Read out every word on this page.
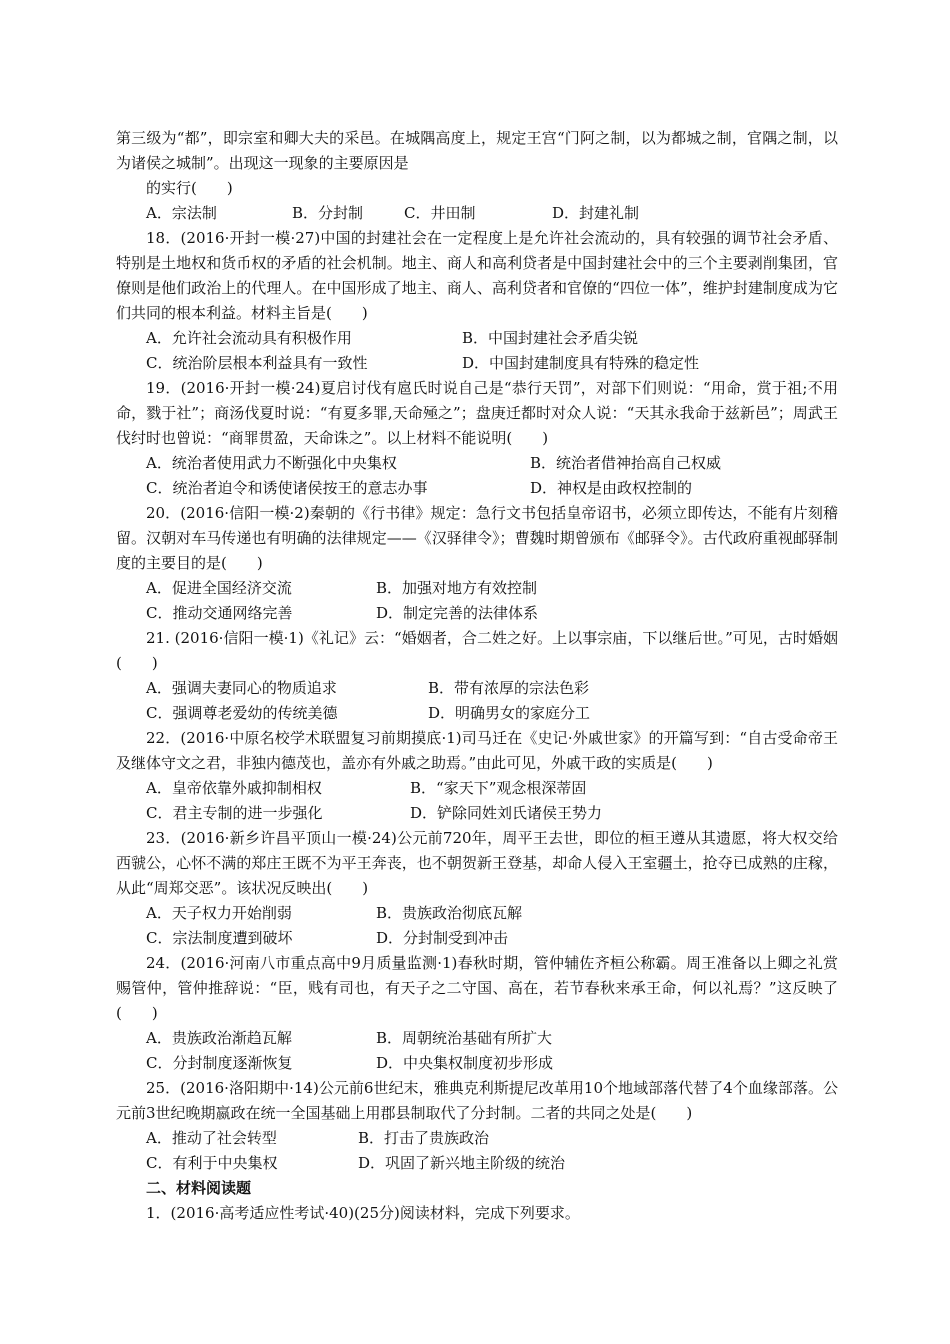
第三级为“都”，即宗室和卿大夫的采邑。在城隅高度上，规定王宫“门阿之制，以为都城之制，官隅之制，以为诸侯之城制”。出现这一现象的主要原因是
的实行(　　)
A．宗法制	B．分封制	C．井田制	D．封建礼制
18．(2016·开封一模·27)中国的封建社会在一定程度上是允许社会流动的，具有较强的调节社会矛盾、特别是土地权和货币权的矛盾的社会机制。地主、商人和高利贷者是中国封建社会中的三个主要剥削集团，官僚则是他们政治上的代理人。在中国形成了地主、商人、高利贷者和官僚的“四位一体”，维护封建制度成为它们共同的根本利益。材料主旨是(　　)
A．允许社会流动具有积极作用	B．中国封建社会矛盾尖锐
C．统治阶层根本利益具有一致性	D．中国封建制度具有特殊的稳定性
19．(2016·开封一模·24)夏启讨伐有扈氏时说自己是“恭行天罚”，对部下们则说：“用命，赏于祖;不用命，戮于社”；商汤伐夏时说：“有夏多罪,天命殛之”；盘庚迁都时对众人说：“天其永我命于兹新邑”；周武王伐纣时也曾说：“商罪贯盈，天命诛之”。以上材料不能说明(　　)
A．统治者使用武力不断强化中央集权	B．统治者借神抬高自己权威
C．统治者迫令和诱使诸侯按王的意志办事	D．神权是由政权控制的
20．(2016·信阳一模·2)秦朝的《行书律》规定：急行文书包括皇帝诏书，必须立即传达，不能有片刻稽留。汉朝对车马传递也有明确的法律规定——《汉驿律令》；曹魏时期曾颁布《邮驿令》。古代政府重视邮驿制度的主要目的是(　　)
A．促进全国经济交流	B．加强对地方有效控制
C．推动交通网络完善	D．制定完善的法律体系
21. (2016·信阳一模·1)《礼记》云：“婚姻者，合二姓之好。上以事宗庙，下以继后世。”可见，古时婚姻(　　)
A．强调夫妻同心的物质追求	B．带有浓厚的宗法色彩
C．强调尊老爱幼的传统美德	D．明确男女的家庭分工
22．(2016·中原名校学术联盟复习前期摸底·1)司马迁在《史记·外戚世家》的开篇写到：“自古受命帝王及继体守文之君，非独内德茂也，盖亦有外戚之助焉。”由此可见，外戚干政的实质是(　　)
A．皇帝依靠外戚抑制相权	B．“家天下”观念根深蒂固
C．君主专制的进一步强化	D．铲除同姓刘氏诸侯王势力
23．(2016·新乡许昌平顶山一模·24)公元前720年，周平王去世，即位的桓王遵从其遗愿，将大权交给西虢公，心怀不满的郑庄王既不为平王奔丧，也不朝贺新王登基，却命人侵入王室疆土，抢夺已成熟的庄稼，从此“周郑交恶”。该状况反映出(　　)
A．天子权力开始削弱	B．贵族政治彻底瓦解
C．宗法制度遭到破坏	D．分封制受到冲击
24．(2016·河南八市重点高中9月质量监测·1)春秋时期，管仲辅佐齐桓公称霸。周王准备以上卿之礼赏赐管仲，管仲推辞说：“臣，贱有司也，有天子之二守国、高在，若节春秋来承王命，何以礼焉？”这反映了(　　)
A．贵族政治渐趋瓦解	B．周朝统治基础有所扩大
C．分封制度逐渐恢复	D．中央集权制度初步形成
25．(2016·洛阳期中·14)公元前6世纪末，雅典克利斯提尼改革用10个地域部落代替了4个血缘部落。公元前3世纪晚期嬴政在统一全国基础上用郡县制取代了分封制。二者的共同之处是(　　)
A．推动了社会转型	B．打击了贵族政治
C．有利于中央集权	D．巩固了新兴地主阶级的统治
二、材料阅读题
1．(2016·高考适应性考试·40)(25分)阅读材料，完成下列要求。
